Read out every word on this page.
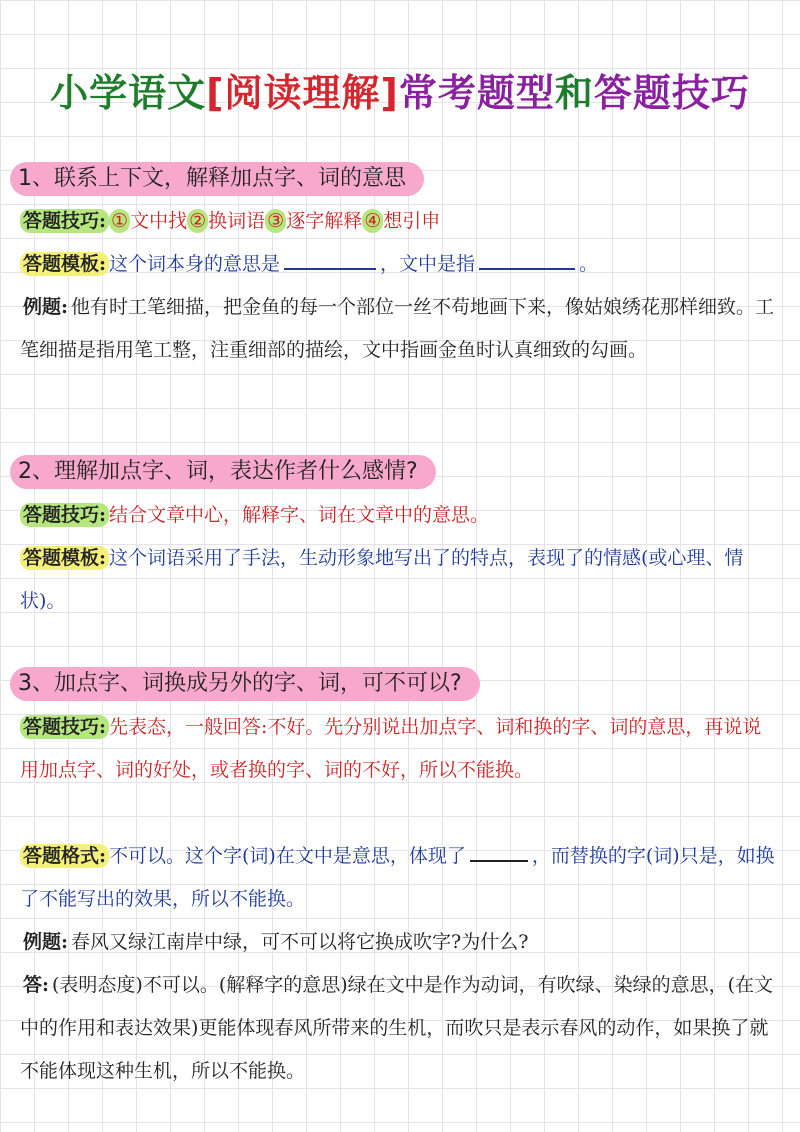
小学语文[阅读理解]常考题型和答题技巧
1、联系上下文，解释加点字、词的意思
答题技巧: ① 文中找 ② 换词语 ③ 逐字解释 ④ 想引申
答题模板: 这个词本身的意思是	，文中是指	。
例题: 他有时工笔细描，把金鱼的每一个部位一丝不苟地画下来，像姑娘绣花那样细致。工笔细描是指用笔工整，注重细部的描绘，文中指画金鱼时认真细致的勾画。
2、理解加点字、词，表达作者什么感情?
答题技巧: 结合文章中心，解释字、词在文章中的意思。
答题模板: 这个词语采用了手法，生动形象地写出了的特点，表现了的情感(或心理、情状)。
3、加点字、词换成另外的字、词，可不可以?
答题技巧: 先表态，一般回答:不好。先分别说出加点字、词和换的字、词的意思，再说说用加点字、词的好处，或者换的字、词的不好，所以不能换。
答题格式: 不可以。这个字(词)在文中是意思，体现了	，而替换的字(词)只是，如换了不能写出的效果，所以不能换。
例题: 春风又绿江南岸中绿，可不可以将它换成吹字?为什么?
答: (表明态度)不可以。(解释字的意思)绿在文中是作为动词，有吹绿、染绿的意思，(在文中的作用和表达效果)更能体现春风所带来的生机，而吹只是表示春风的动作，如果换了就不能体现这种生机，所以不能换。
